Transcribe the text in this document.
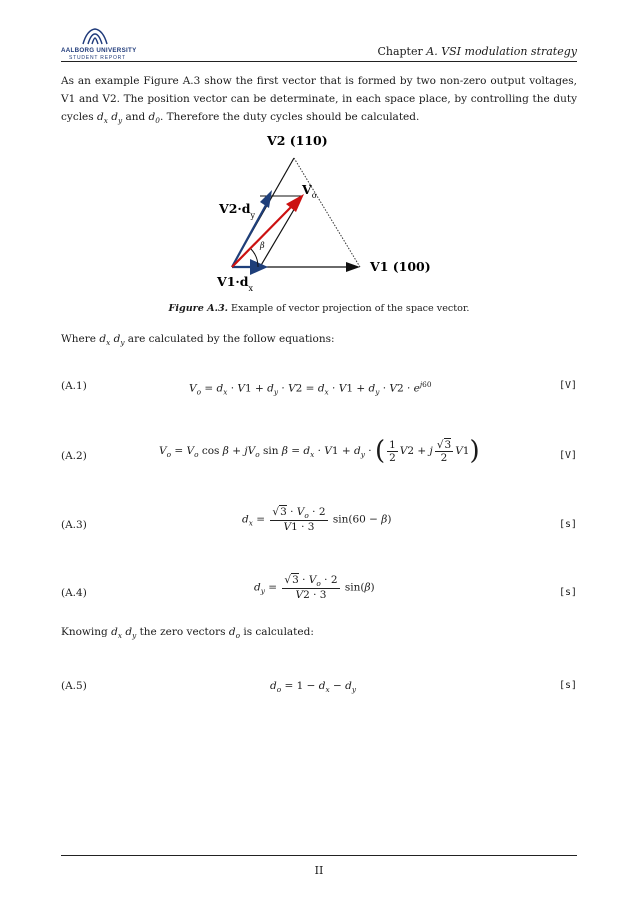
AALBORG UNIVERSITY
STUDENT REPORT	Chapter A. VSI modulation strategy
As an example Figure A.3 show the first vector that is formed by two non-zero output voltages, V1 and V2. The position vector can be determinate, in each space place, by controlling the duty cycles $d_x$ $d_y$ and $d_0$. Therefore the duty cycles should be calculated.
V2 (110)
V1 (100)
$V_o$
$V2\cdot d_y$
$V1\cdot d_x$
β
Figure A.3. Example of vector projection of the space vector.
Where $d_x$ $d_y$ are calculated by the follow equations:
(A.1)	$V_o = d_x \cdot V1 + d_y \cdot V2 = d_x \cdot V1 + d_y \cdot V2 \cdot e^{j60}$	[V]
(A.2)	$V_o = V_o$ $\cos \beta + jV_o$ $\sin \beta = d_x \cdot V1 + d_y$ · ( $\frac{1}{2} V2 + j \frac{√3}{2} V1$)	[V]
(A.3)	$d_x = \frac{√3 \cdot V_o \cdot 2}{V1 \cdot 3} \sin(60 - \beta)$	[s]
(A.4)	$d_y = \frac{√3 \cdot V_o \cdot 2}{V2 \cdot 3} \sin(\beta)$	[s]
Knowing $d_x$ $d_y$ the zero vectors $d_o$ is calculated:
(A.5)	$d_o = 1 - d_x - d_y$	[s]
II
